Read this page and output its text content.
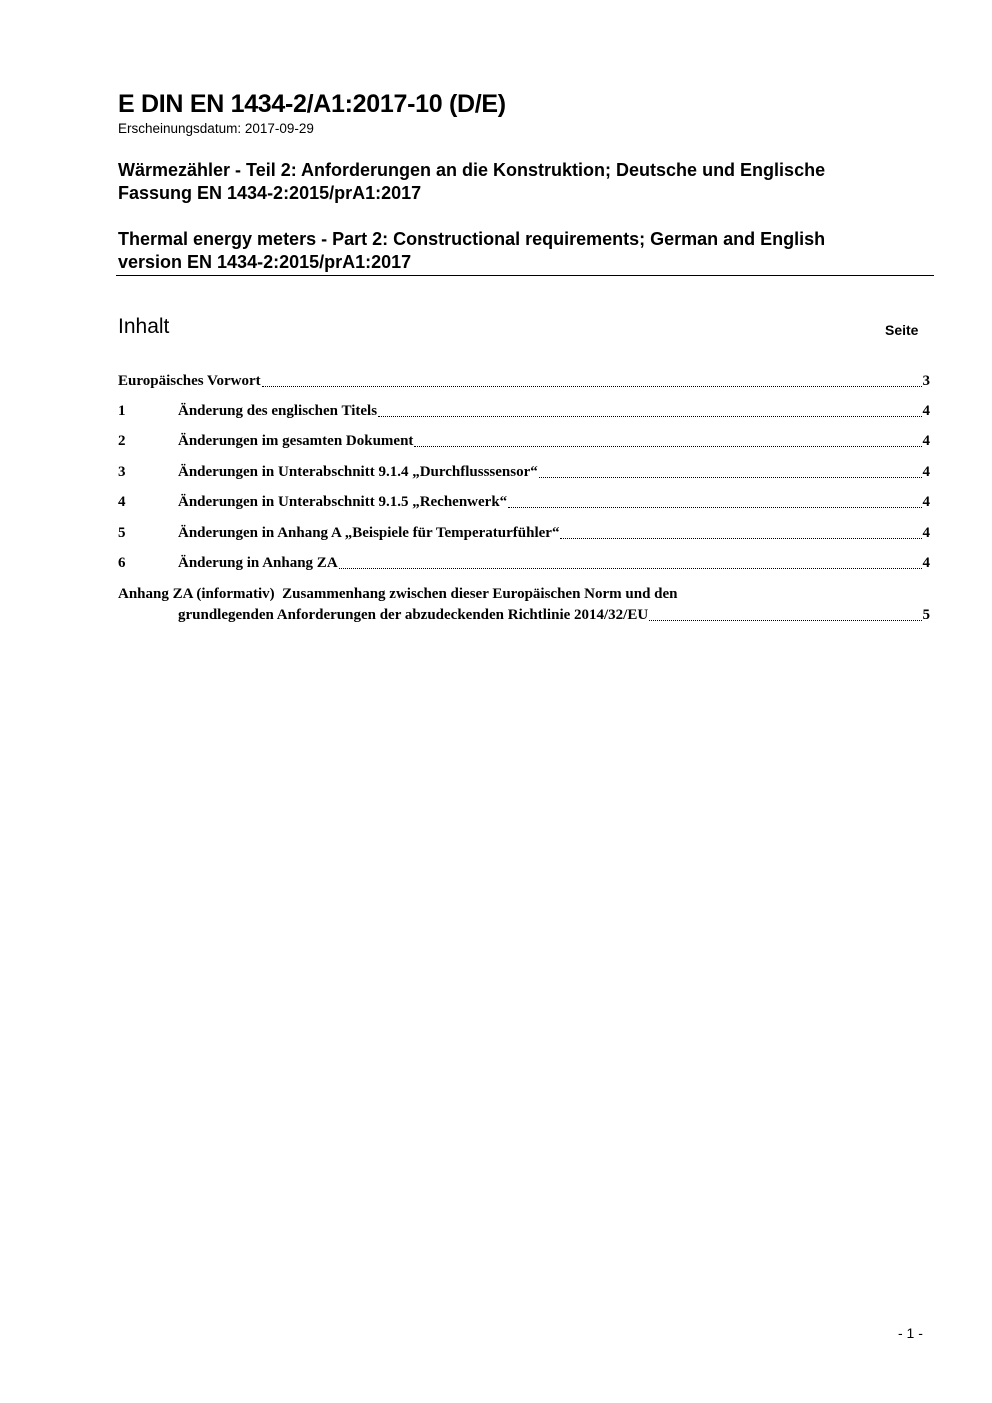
E DIN EN 1434-2/A1:2017-10 (D/E)
Erscheinungsdatum: 2017-09-29
Wärmezähler - Teil 2: Anforderungen an die Konstruktion; Deutsche und Englische
Fassung EN 1434-2:2015/prA1:2017
Thermal energy meters - Part 2: Constructional requirements; German and English
version EN 1434-2:2015/prA1:2017
Inhalt	Seite
Europäisches Vorwort	3
1	Änderung des englischen Titels	4
2	Änderungen im gesamten Dokument	4
3	Änderungen in Unterabschnitt 9.1.4 „Durchflusssensor“	4
4	Änderungen in Unterabschnitt 9.1.5 „Rechenwerk“	4
5	Änderungen in Anhang A „Beispiele für Temperaturfühler“	4
6	Änderung in Anhang ZA	4
Anhang ZA (informativ)  Zusammenhang zwischen dieser Europäischen Norm und den
grundlegenden Anforderungen der abzudeckenden Richtlinie 2014/32/EU	5
- 1 -
